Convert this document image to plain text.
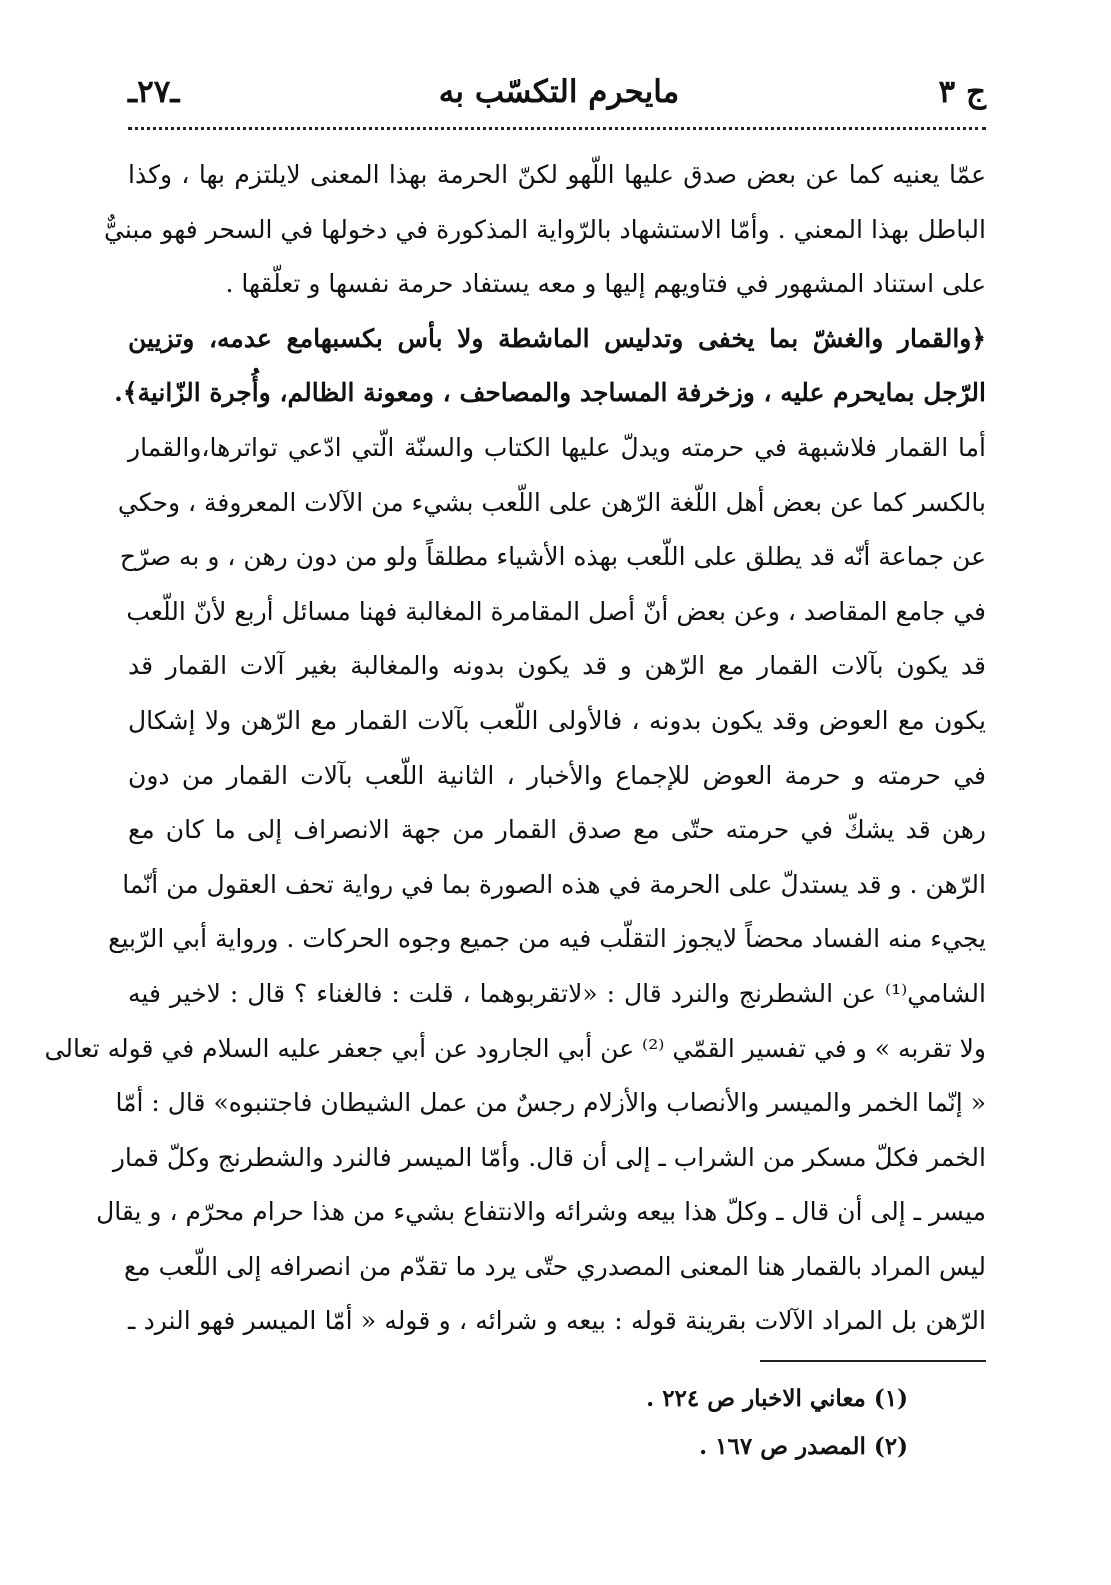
ج ٣
مايحرم التكسّب به
ـ٢٧ـ
عمّا يعنيه كما عن بعض صدق عليها اللّهو لكنّ الحرمة بهذا المعنى لايلتزم بها ، وكذا
الباطل بهذا المعني . وأمّا الاستشهاد بالرّواية المذكورة في دخولها في السحر فهو مبنيٌّ
على استناد المشهور في فتاويهم إليها و معه يستفاد حرمة نفسها و تعلّقها .
﴿والقمار والغشّ بما يخفى وتدليس الماشطة ولا بأس بكسبهامع عدمه، وتزيين
الرّجل بمايحرم عليه ، وزخرفة المساجد والمصاحف ، ومعونة الظالم، وأُجرة الزّانية﴾.
أما القمار فلاشبهة في حرمته ويدلّ عليها الكتاب والسنّة الّتي ادّعي تواترها،والقمار
بالكسر كما عن بعض أهل اللّغة الرّهن على اللّعب بشيء من الآلات المعروفة ، وحكي
عن جماعة أنّه قد يطلق على اللّعب بهذه الأشياء مطلقاً ولو من دون رهن ، و به صرّح
في جامع المقاصد ، وعن بعض أنّ أصل المقامرة المغالبة فهنا مسائل أربع لأنّ اللّعب
قد يكون بآلات القمار مع الرّهن و قد يكون بدونه والمغالبة بغير آلات القمار قد
يكون مع العوض وقد يكون بدونه ، فالأولى اللّعب بآلات القمار مع الرّهن ولا إشكال
في حرمته و حرمة العوض للإجماع والأخبار ، الثانية اللّعب بآلات القمار من دون
رهن قد يشكّ في حرمته حتّى مع صدق القمار من جهة الانصراف إلى ما كان مع
الرّهن . و قد يستدلّ على الحرمة في هذه الصورة بما في رواية تحف العقول من أنّما
يجيء منه الفساد محضاً لايجوز التقلّب فيه من جميع وجوه الحركات . ورواية أبي الرّبيع
الشامي⁽¹⁾ عن الشطرنج والنرد قال : «لاتقربوهما ، قلت : فالغناء ؟ قال : لاخير فيه
ولا تقربه » و في تفسير القمّي ⁽²⁾ عن أبي الجارود عن أبي جعفر عليه السلام في قوله تعالى
« إنّما الخمر والميسر والأنصاب والأزلام رجسٌ من عمل الشيطان فاجتنبوه» قال : أمّا
الخمر فكلّ مسكر من الشراب ـ إلى أن قال. وأمّا الميسر فالنرد والشطرنج وكلّ قمار
ميسر ـ إلى أن قال ـ وكلّ هذا بيعه وشرائه والانتفاع بشيء من هذا حرام محرّم ، و يقال
ليس المراد بالقمار هنا المعنى المصدري حتّى يرد ما تقدّم من انصرافه إلى اللّعب مع
الرّهن بل المراد الآلات بقرينة قوله : بيعه و شرائه ، و قوله « أمّا الميسر فهو النرد ـ
(١) معاني الاخبار ص ٢٢٤ .
(٢) المصدر ص ١٦٧ .
